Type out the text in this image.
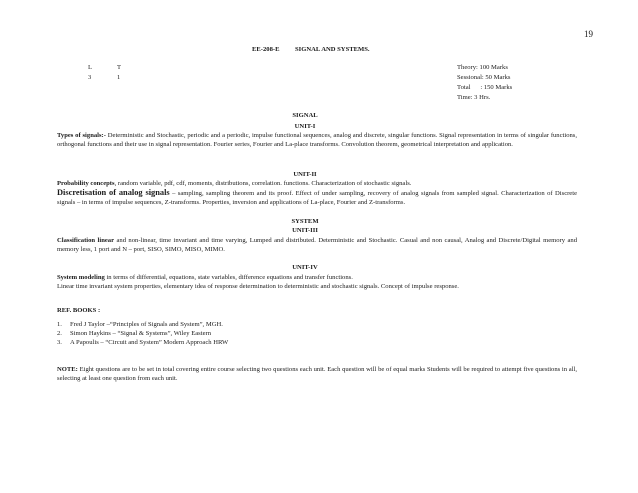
19
EE-208-E SIGNAL AND SYSTEMS.
L
3
T
1
Theory: 100 Marks
Sessional: 50 Marks
Total      : 150 Marks
Time: 3 Hrs.
SIGNAL
UNIT-I
Types of signals:- Deterministic and Stochastic, periodic and a periodic, impulse functional sequences, analog and discrete, singular functions. Signal representation in terms of singular functions, orthogonal functions and their use in signal representation. Fourier series, Fourier and La-place transforms. Convolution theorem, geometrical interpretation and application.
UNIT-II
Probability concepts, random variable, pdf, cdf, moments, distributions, correlation. functions. Characterization of stochastic signals.
Discretisation of analog signals – sampling, sampling theorem and its proof. Effect of under sampling, recovery of analog signals from sampled signal. Characterization of Discrete signals – in terms of impulse sequences, Z-transforms. Properties, inversion and applications of La-place, Fourier and Z-transforms.
SYSTEM
UNIT-III
Classification linear and non-linear, time invariant and time varying, Lumped and distributed. Deterministic and Stochastic. Casual and non causal, Analog and Discrete/Digital memory and memory less, 1 port and N – port, SISO, SIMO, MISO, MIMO.
UNIT-IV
System modeling in terms of differential, equations, state variables, difference equations and transfer functions.
Linear time invariant system properties, elementary idea of response determination to deterministic and stochastic signals. Concept of impulse response.
REF. BOOKS :
1. Fred J Taylor –“Principles of Signals and System”, MGH.
2. Simon Haykins – “Signal & Systems”, Wiley Eastern
3. A Papoulis – “Circuit and System” Modern Approach HRW
NOTE: Eight questions are to be set in total covering entire course selecting two questions each unit. Each question will be of equal marks Students will be required to attempt five questions in all, selecting at least one question from each unit.
